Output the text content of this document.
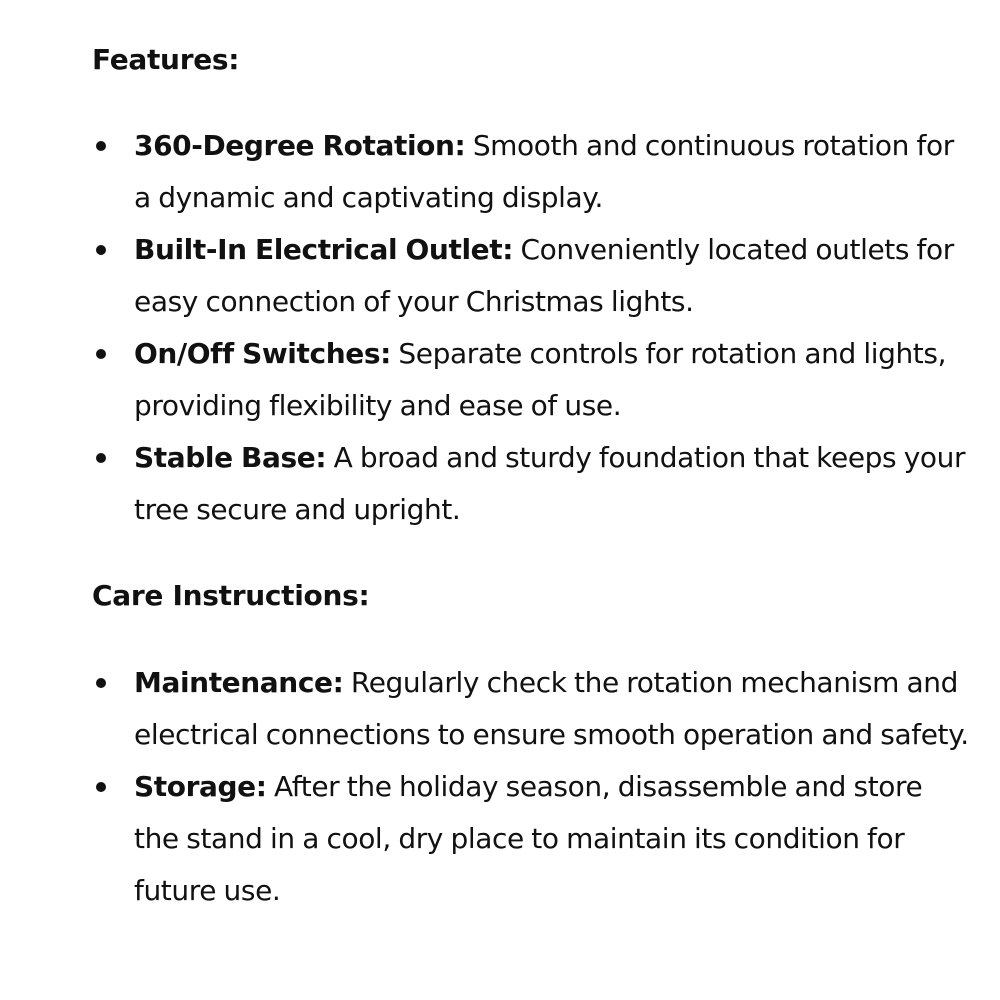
Features:
360-Degree Rotation: Smooth and continuous rotation for a dynamic and captivating display.
Built-In Electrical Outlet: Conveniently located outlets for easy connection of your Christmas lights.
On/Off Switches: Separate controls for rotation and lights, providing flexibility and ease of use.
Stable Base: A broad and sturdy foundation that keeps your tree secure and upright.
Care Instructions:
Maintenance: Regularly check the rotation mechanism and electrical connections to ensure smooth operation and safety.
Storage: After the holiday season, disassemble and store the stand in a cool, dry place to maintain its condition for future use.
